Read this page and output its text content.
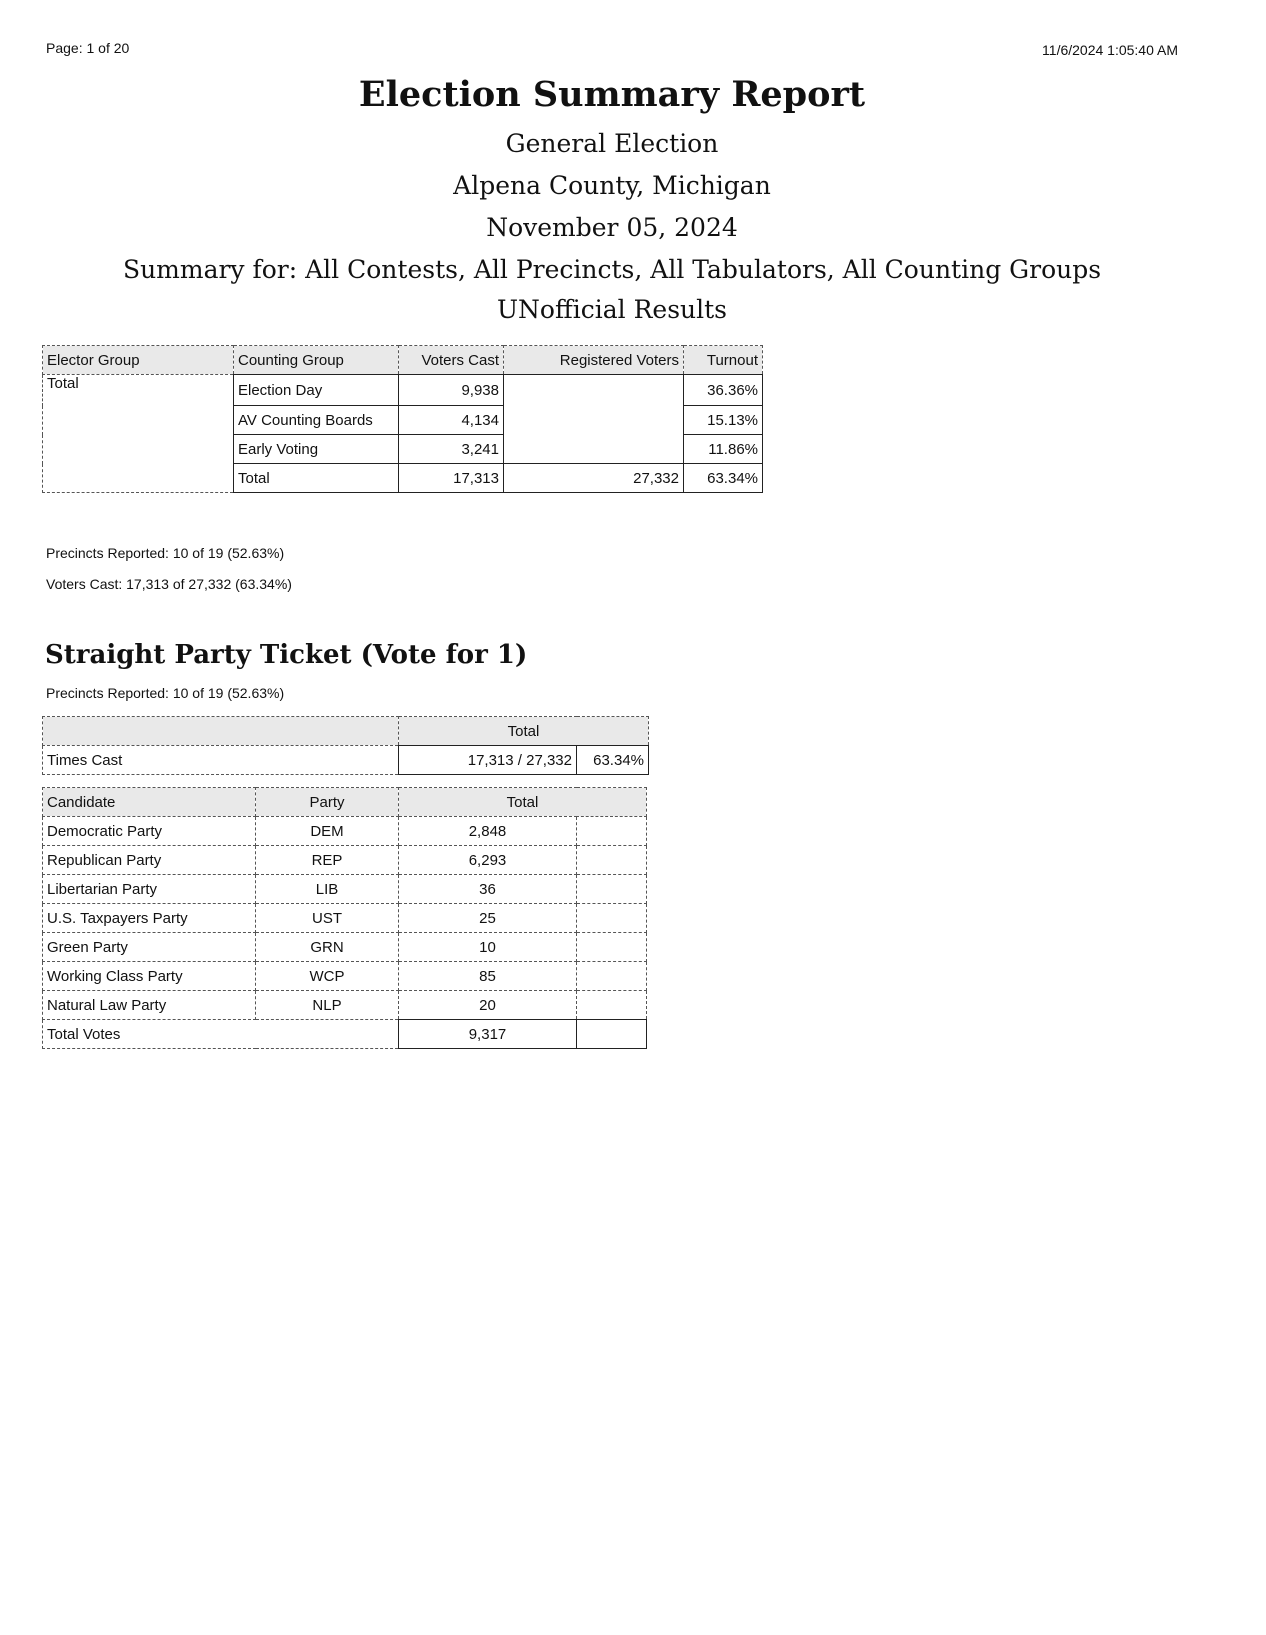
Page: 1 of 20	11/6/2024 1:05:40 AM
Election Summary Report
General Election
Alpena County, Michigan
November 05, 2024
Summary for: All Contests, All Precincts, All Tabulators, All Counting Groups
UNofficial Results
Elector Group	Counting Group	Voters Cast	Registered Voters	Turnout
Total	Election Day	9,938		36.36%
	AV Counting Boards	4,134		15.13%
	Early Voting	3,241		11.86%
	Total	17,313	27,332	63.34%
Precincts Reported: 10 of 19 (52.63%)
Voters Cast: 17,313 of 27,332 (63.34%)
Straight Party Ticket (Vote for 1)
Precincts Reported: 10 of 19 (52.63%)
	Total	
Times Cast	17,313 / 27,332	63.34%
Candidate	Party	Total	
Democratic Party	DEM	2,848	
Republican Party	REP	6,293	
Libertarian Party	LIB	36	
U.S. Taxpayers Party	UST	25	
Green Party	GRN	10	
Working Class Party	WCP	85	
Natural Law Party	NLP	20	
Total Votes		9,317	
